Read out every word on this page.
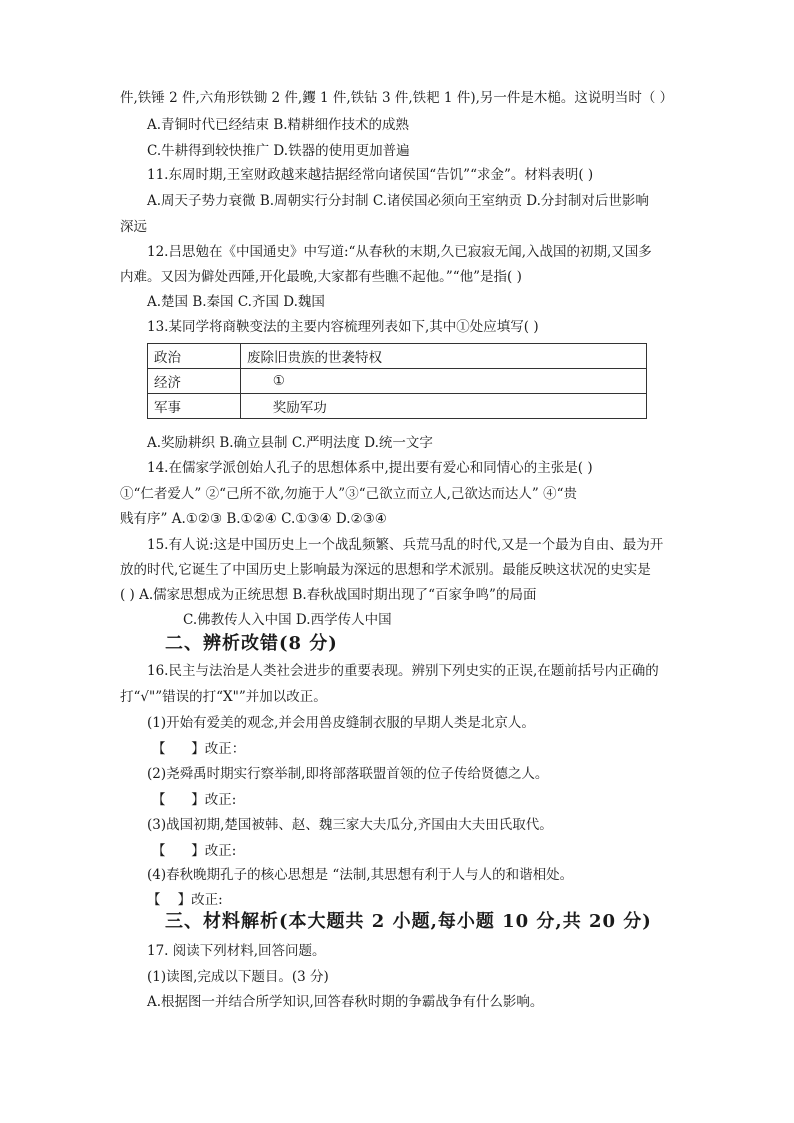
件,铁锤 2 件,六角形铁锄 2 件,钁 1 件,铁钻 3 件,铁耙 1 件),另一件是木槌。这说明当时（ ）
A.青铜时代已经结束 B.精耕细作技术的成熟
C.牛耕得到较快推广 D.铁器的使用更加普遍
11.东周时期,王室财政越来越拮据经常向诸侯国“告饥”“求金”。材料表明( )
A.周天子势力衰微 B.周朝实行分封制 C.诸侯国必须向王室纳贡 D.分封制对后世影响
深远
12.吕思勉在《中国通史》中写道:“从春秋的末期,久已寂寂无闻,入战国的初期,又国多
内难。又因为僻处西陲,开化最晚,大家都有些瞧不起他。”“他”是指( )
A.楚国 B.秦国 C.齐国 D.魏国
13.某同学将商鞅变法的主要内容梳理列表如下,其中①处应填写( )
政治	废除旧贵族的世袭特权
经济	①
军事	奖励军功
A.奖励耕织 B.确立县制 C.严明法度 D.统一文字
14.在儒家学派创始人孔子的思想体系中,提出要有爱心和同情心的主张是( )
①“仁者爱人” ②“己所不欲,勿施于人”③“己欲立而立人,己欲达而达人” ④“贵
贱有序” A.①②③ B.①②④ C.①③④ D.②③④
15.有人说:这是中国历史上一个战乱频繁、兵荒马乱的时代,又是一个最为自由、最为开
放的时代,它诞生了中国历史上影响最为深远的思想和学术派别。最能反映这状况的史实是
( ) A.儒家思想成为正统思想 B.春秋战国时期出现了“百家争鸣”的局面
C.佛教传人入中国 D.西学传人中国
二、辨析改错(8 分)
16.民主与法治是人类社会进步的重要表现。辨别下列史实的正误,在题前括号内正确的
打“√"”错误的打“X"”并加以改正。
(1)开始有爱美的观念,并会用兽皮缝制衣服的早期人类是北京人。
【      】改正：
(2)尧舜禹时期实行察举制,即将部落联盟首领的位子传给贤德之人。
【      】改正:
(3)战国初期,楚国被韩、赵、魏三家大夫瓜分,齐国由大夫田氏取代。
【      】改正:
(4)春秋晚期孔子的核心思想是 “法制,其思想有利于人与人的和谐相处。
【    】改正:
三、材料解析(本大题共 2 小题,每小题 10 分,共 20 分)
17. 阅读下列材料,回答问题。
(1)读图,完成以下题目。(3 分)
A.根据图一并结合所学知识,回答春秋时期的争霸战争有什么影响。
